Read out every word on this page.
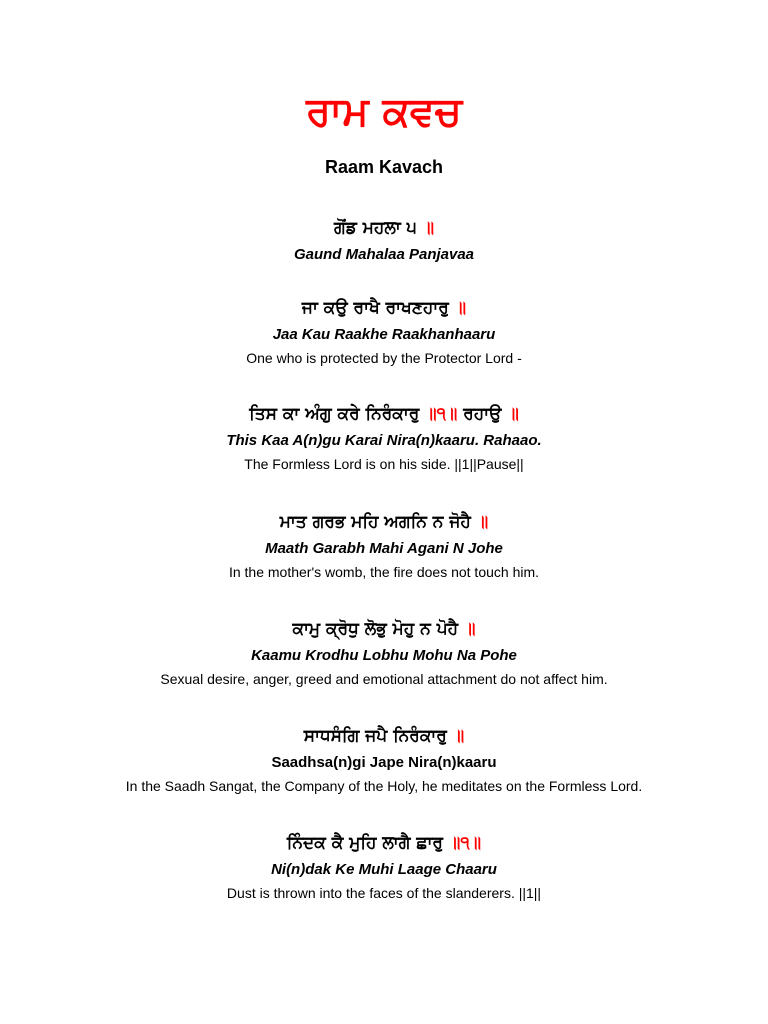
ਰਾਮ ਕਵਚ
Raam Kavach
ਗੋਂਡ ਮਹਲਾ ੫ ॥
Gaund Mahalaa Panjavaa
ਜਾ ਕਉ ਰਾਖੈ ਰਾਖਣਹਾਰੁ ॥
Jaa Kau Raakhe Raakhanhaaru
One who is protected by the Protector Lord -
ਤਿਸ ਕਾ ਅੰਗੁ ਕਰੇ ਨਿਰੰਕਾਰੁ ॥੧॥ ਰਹਾਉ ॥
This Kaa A(n)gu Karai Nira(n)kaaru. Rahaao.
The Formless Lord is on his side. ||1||Pause||
ਮਾਤ ਗਰਭ ਮਹਿ ਅਗਨਿ ਨ ਜੋਹੈ ॥
Maath Garabh Mahi Agani N Johe
In the mother's womb, the fire does not touch him.
ਕਾਮੁ ਕ੍ਰੋਧੁ ਲੋਭੁ ਮੋਹੁ ਨ ਪੋਹੈ ॥
Kaamu Krodhu Lobhu Mohu Na Pohe
Sexual desire, anger, greed and emotional attachment do not affect him.
ਸਾਧਸੰਗਿ ਜਪੈ ਨਿਰੰਕਾਰੁ ॥
Saadhsa(n)gi Jape Nira(n)kaaru
In the Saadh Sangat, the Company of the Holy, he meditates on the Formless Lord.
ਨਿੰਦਕ ਕੈ ਮੁਹਿ ਲਾਗੈ ਛਾਰੁ ॥੧॥
Ni(n)dak Ke Muhi Laage Chaaru
Dust is thrown into the faces of the slanderers. ||1||
